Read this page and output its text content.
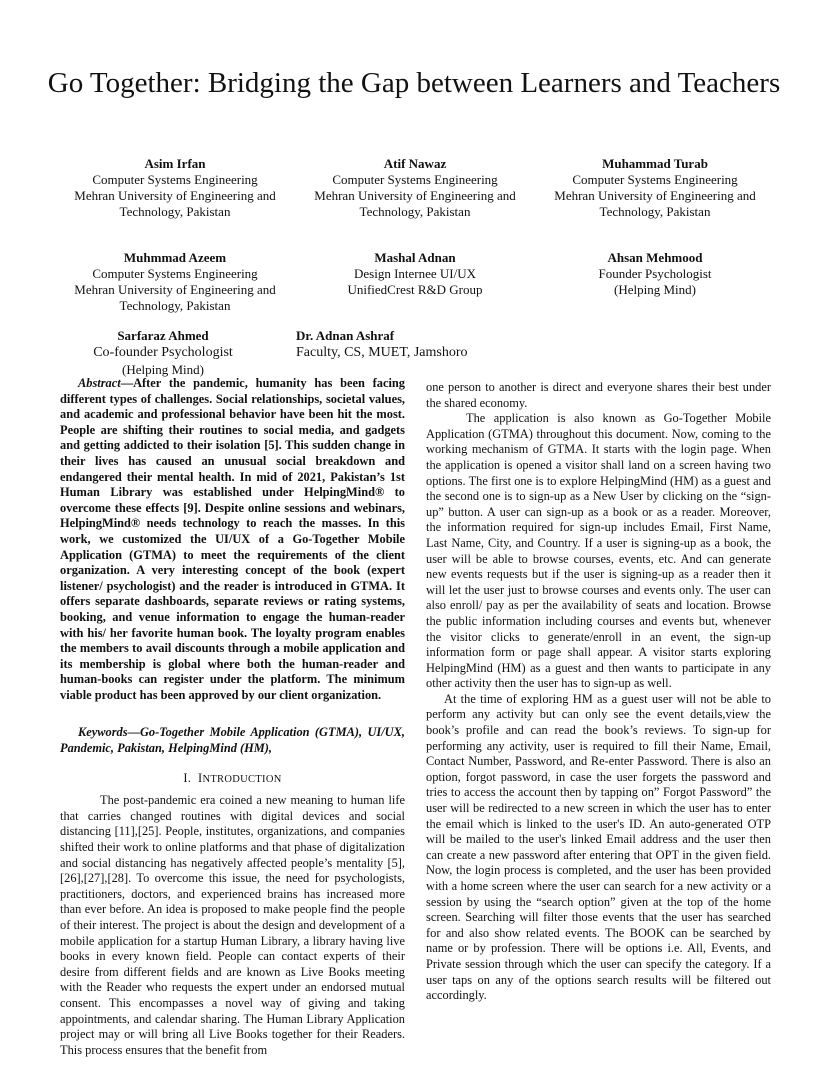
Go Together: Bridging the Gap between Learners and Teachers
Asim Irfan
Computer Systems Engineering
Mehran University of Engineering and Technology, Pakistan
Atif Nawaz
Computer Systems Engineering
Mehran University of Engineering and Technology, Pakistan
Muhammad Turab
Computer Systems Engineering
Mehran University of Engineering and Technology, Pakistan
Muhmmad Azeem
Computer Systems Engineering
Mehran University of Engineering and Technology, Pakistan
Mashal Adnan
Design Internee UI/UX
UnifiedCrest R&D Group
Ahsan Mehmood
Founder Psychologist
(Helping Mind)
Sarfaraz Ahmed
Co-founder Psychologist
(Helping Mind)
Dr. Adnan Ashraf
Faculty, CS, MUET, Jamshoro

Abstract—After the pandemic, humanity has been facing different types of challenges. Social relationships, societal values, and academic and professional behavior have been hit the most. People are shifting their routines to social media, and gadgets and getting addicted to their isolation [5]. This sudden change in their lives has caused an unusual social breakdown and endangered their mental health. In mid of 2021, Pakistan’s 1st Human Library was established under HelpingMind® to overcome these effects [9]. Despite online sessions and webinars, HelpingMind® needs technology to reach the masses. In this work, we customized the UI/UX of a Go-Together Mobile Application (GTMA) to meet the requirements of the client organization. A very interesting concept of the book (expert listener/ psychologist) and the reader is introduced in GTMA. It offers separate dashboards, separate reviews or rating systems, booking, and venue information to engage the human-reader with his/ her favorite human book. The loyalty program enables the members to avail discounts through a mobile application and its membership is global where both the human-reader and human-books can register under the platform. The minimum viable product has been approved by our client organization.

Keywords—Go-Together Mobile Application (GTMA), UI/UX, Pandemic, Pakistan, HelpingMind (HM),

I. INTRODUCTION

The post-pandemic era coined a new meaning to human life that carries changed routines with digital devices and social distancing [11],[25]. People, institutes, organizations, and companies shifted their work to online platforms and that phase of digitalization and social distancing has negatively affected people’s mentality [5],[26],[27],[28]. To overcome this issue, the need for psychologists, practitioners, doctors, and experienced brains has increased more than ever before. An idea is proposed to make people find the people of their interest. The project is about the design and development of a mobile application for a startup Human Library, a library having live books in every known field. People can contact experts of their desire from different fields and are known as Live Books meeting with the Reader who requests the expert under an endorsed mutual consent. This encompasses a novel way of giving and taking appointments, and calendar sharing. The Human Library Application project may or will bring all Live Books together for their Readers. This process ensures that the benefit from

one person to another is direct and everyone shares their best under the shared economy.

The application is also known as Go-Together Mobile Application (GTMA) throughout this document. Now, coming to the working mechanism of GTMA. It starts with the login page. When the application is opened a visitor shall land on a screen having two options. The first one is to explore HelpingMind (HM) as a guest and the second one is to sign-up as a New User by clicking on the “sign-up” button. A user can sign-up as a book or as a reader. Moreover, the information required for sign-up includes Email, First Name, Last Name, City, and Country. If a user is signing-up as a book, the user will be able to browse courses, events, etc. And can generate new events requests but if the user is signing-up as a reader then it will let the user just to browse courses and events only. The user can also enroll/ pay as per the availability of seats and location. Browse the public information including courses and events but, whenever the visitor clicks to generate/enroll in an event, the sign-up information form or page shall appear. A visitor starts exploring HelpingMind (HM) as a guest and then wants to participate in any other activity then the user has to sign-up as well.

At the time of exploring HM as a guest user will not be able to perform any activity but can only see the event details,view the book’s profile and can read the book’s reviews. To sign-up for performing any activity, user is required to fill their Name, Email, Contact Number, Password, and Re-enter Password. There is also an option, forgot password, in case the user forgets the password and tries to access the account then by tapping on” Forgot Password” the user will be redirected to a new screen in which the user has to enter the email which is linked to the user's ID. An auto-generated OTP will be mailed to the user's linked Email address and the user then can create a new password after entering that OPT in the given field. Now, the login process is completed, and the user has been provided with a home screen where the user can search for a new activity or a session by using the “search option” given at the top of the home screen. Searching will filter those events that the user has searched for and also show related events. The BOOK can be searched by name or by profession. There will be options i.e. All, Events, and Private session through which the user can specify the category. If a user taps on any of the options search results will be filtered out accordingly.
